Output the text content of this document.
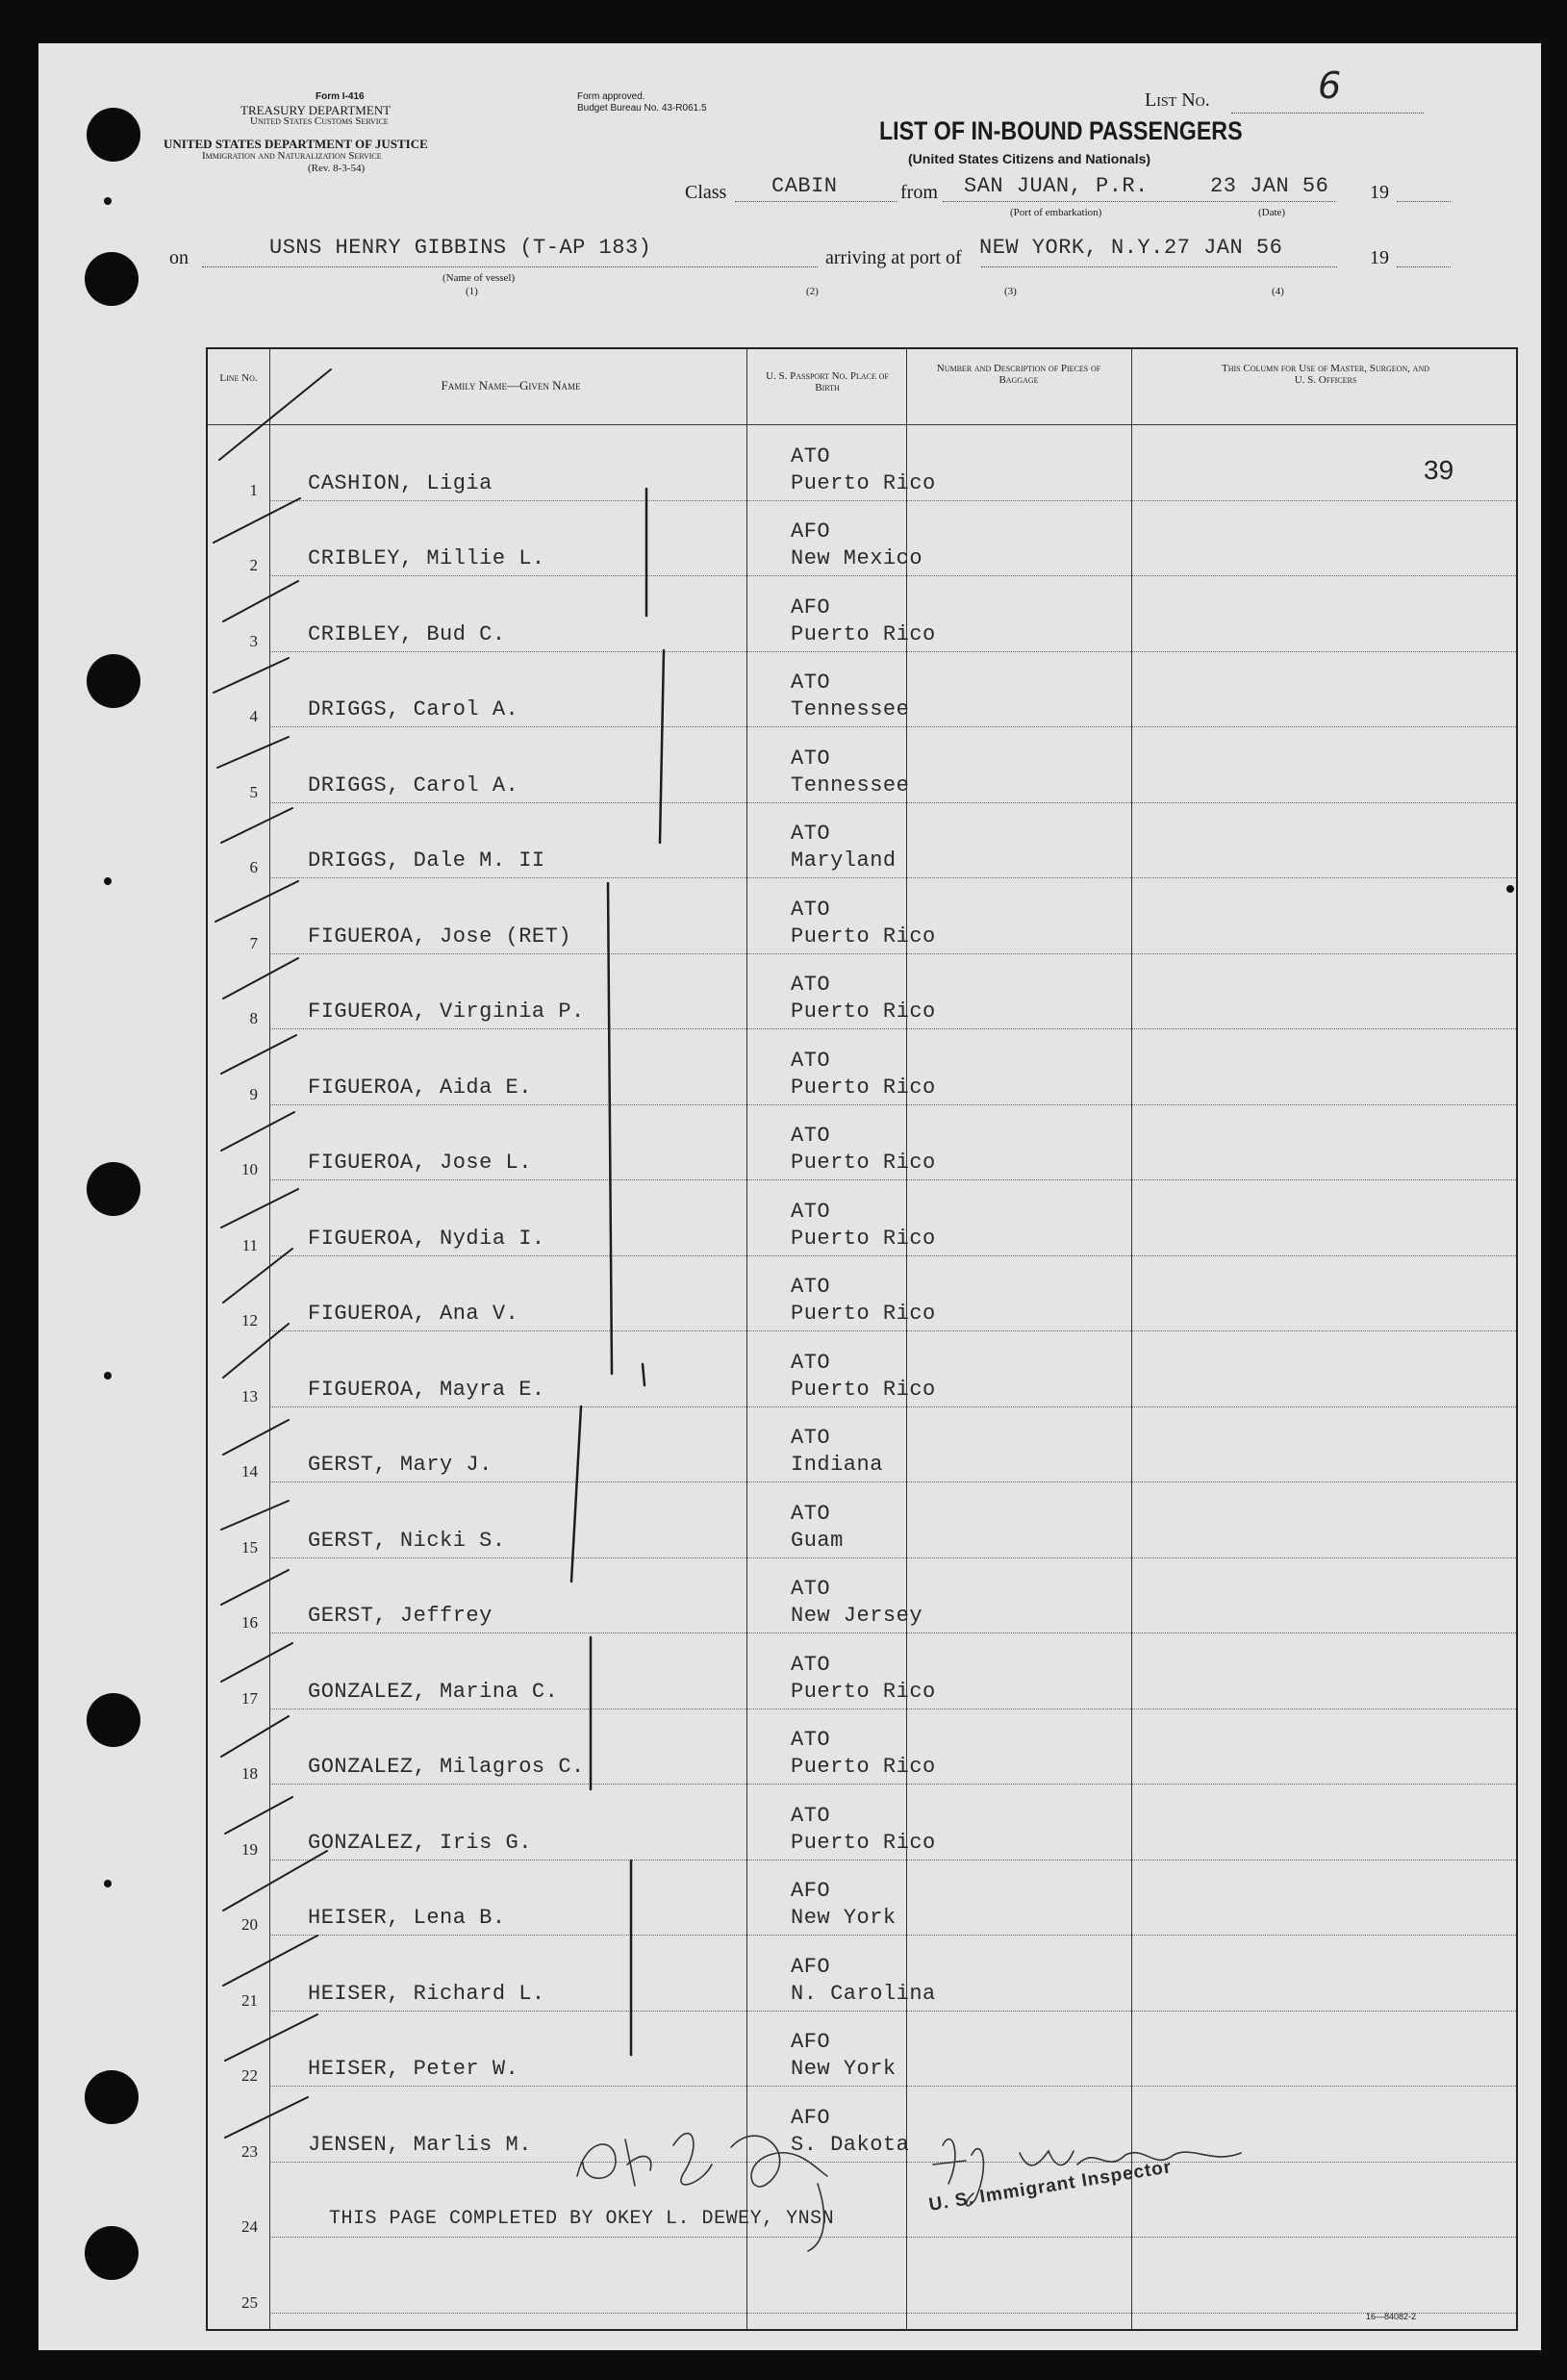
Form I-416
TREASURY DEPARTMENT
United States Customs Service
UNITED STATES DEPARTMENT OF JUSTICE
Immigration and Naturalization Service
(Rev. 8-3-54)
Form approved.
Budget Bureau No. 43-R061.5	List No.	6
LIST OF IN-BOUND PASSENGERS
(United States Citizens and Nationals)
Class CABIN	from SAN JUAN, P.R.	23 JAN 56 19
(Port of embarkation)	(Date)
on	USNS HENRY GIBBINS (T-AP 183)	arriving at port of NEW YORK, N.Y. 27 JAN 56	19
(Name of vessel)
(1)	(2)	(3)	(4)
Line No.	Family Name—Given Name
U. S. Passport No. Place of Birth
Number and Description of Pieces of Baggage
This Column for Use of Master, Surgeon, and U. S. Officers
39
1 CASHION, Ligia
ATO
Puerto Rico
2 CRIBLEY, Millie L.
AFO
New Mexico
3 CRIBLEY, Bud C.
AFO
Puerto Rico
4 DRIGGS, Carol A.
ATO
Tennessee
5 DRIGGS, Carol A.
ATO
Tennessee
6 DRIGGS, Dale M. II
ATO
Maryland
7 FIGUEROA, Jose (RET)
ATO
Puerto Rico
8 FIGUEROA, Virginia P.
ATO
Puerto Rico
9 FIGUEROA, Aida E.
ATO
Puerto Rico
10 FIGUEROA, Jose L.
ATO
Puerto Rico
11 FIGUEROA, Nydia I.
ATO
Puerto Rico
12 FIGUEROA, Ana V.
ATO
Puerto Rico
13 FIGUEROA, Mayra E.
ATO
Puerto Rico
14 GERST, Mary J.
ATO
Indiana
15 GERST, Nicki S.
ATO
Guam
16 GERST, Jeffrey
ATO
New Jersey
17 GONZALEZ, Marina C.
ATO
Puerto Rico
18 GONZALEZ, Milagros C.
ATO
Puerto Rico
19 GONZALEZ, Iris G.
ATO
Puerto Rico
20 HEISER, Lena B.
AFO
New York
21 HEISER, Richard L.
AFO
N. Carolina
22 HEISER, Peter W.
AFO
New York
23 JENSEN, Marlis M.
AFO
S. Dakota
24	THIS PAGE COMPLETED BY OKEY L. DEWEY, YNSN
25
16—84082-2
U. S. Immigrant Inspector
